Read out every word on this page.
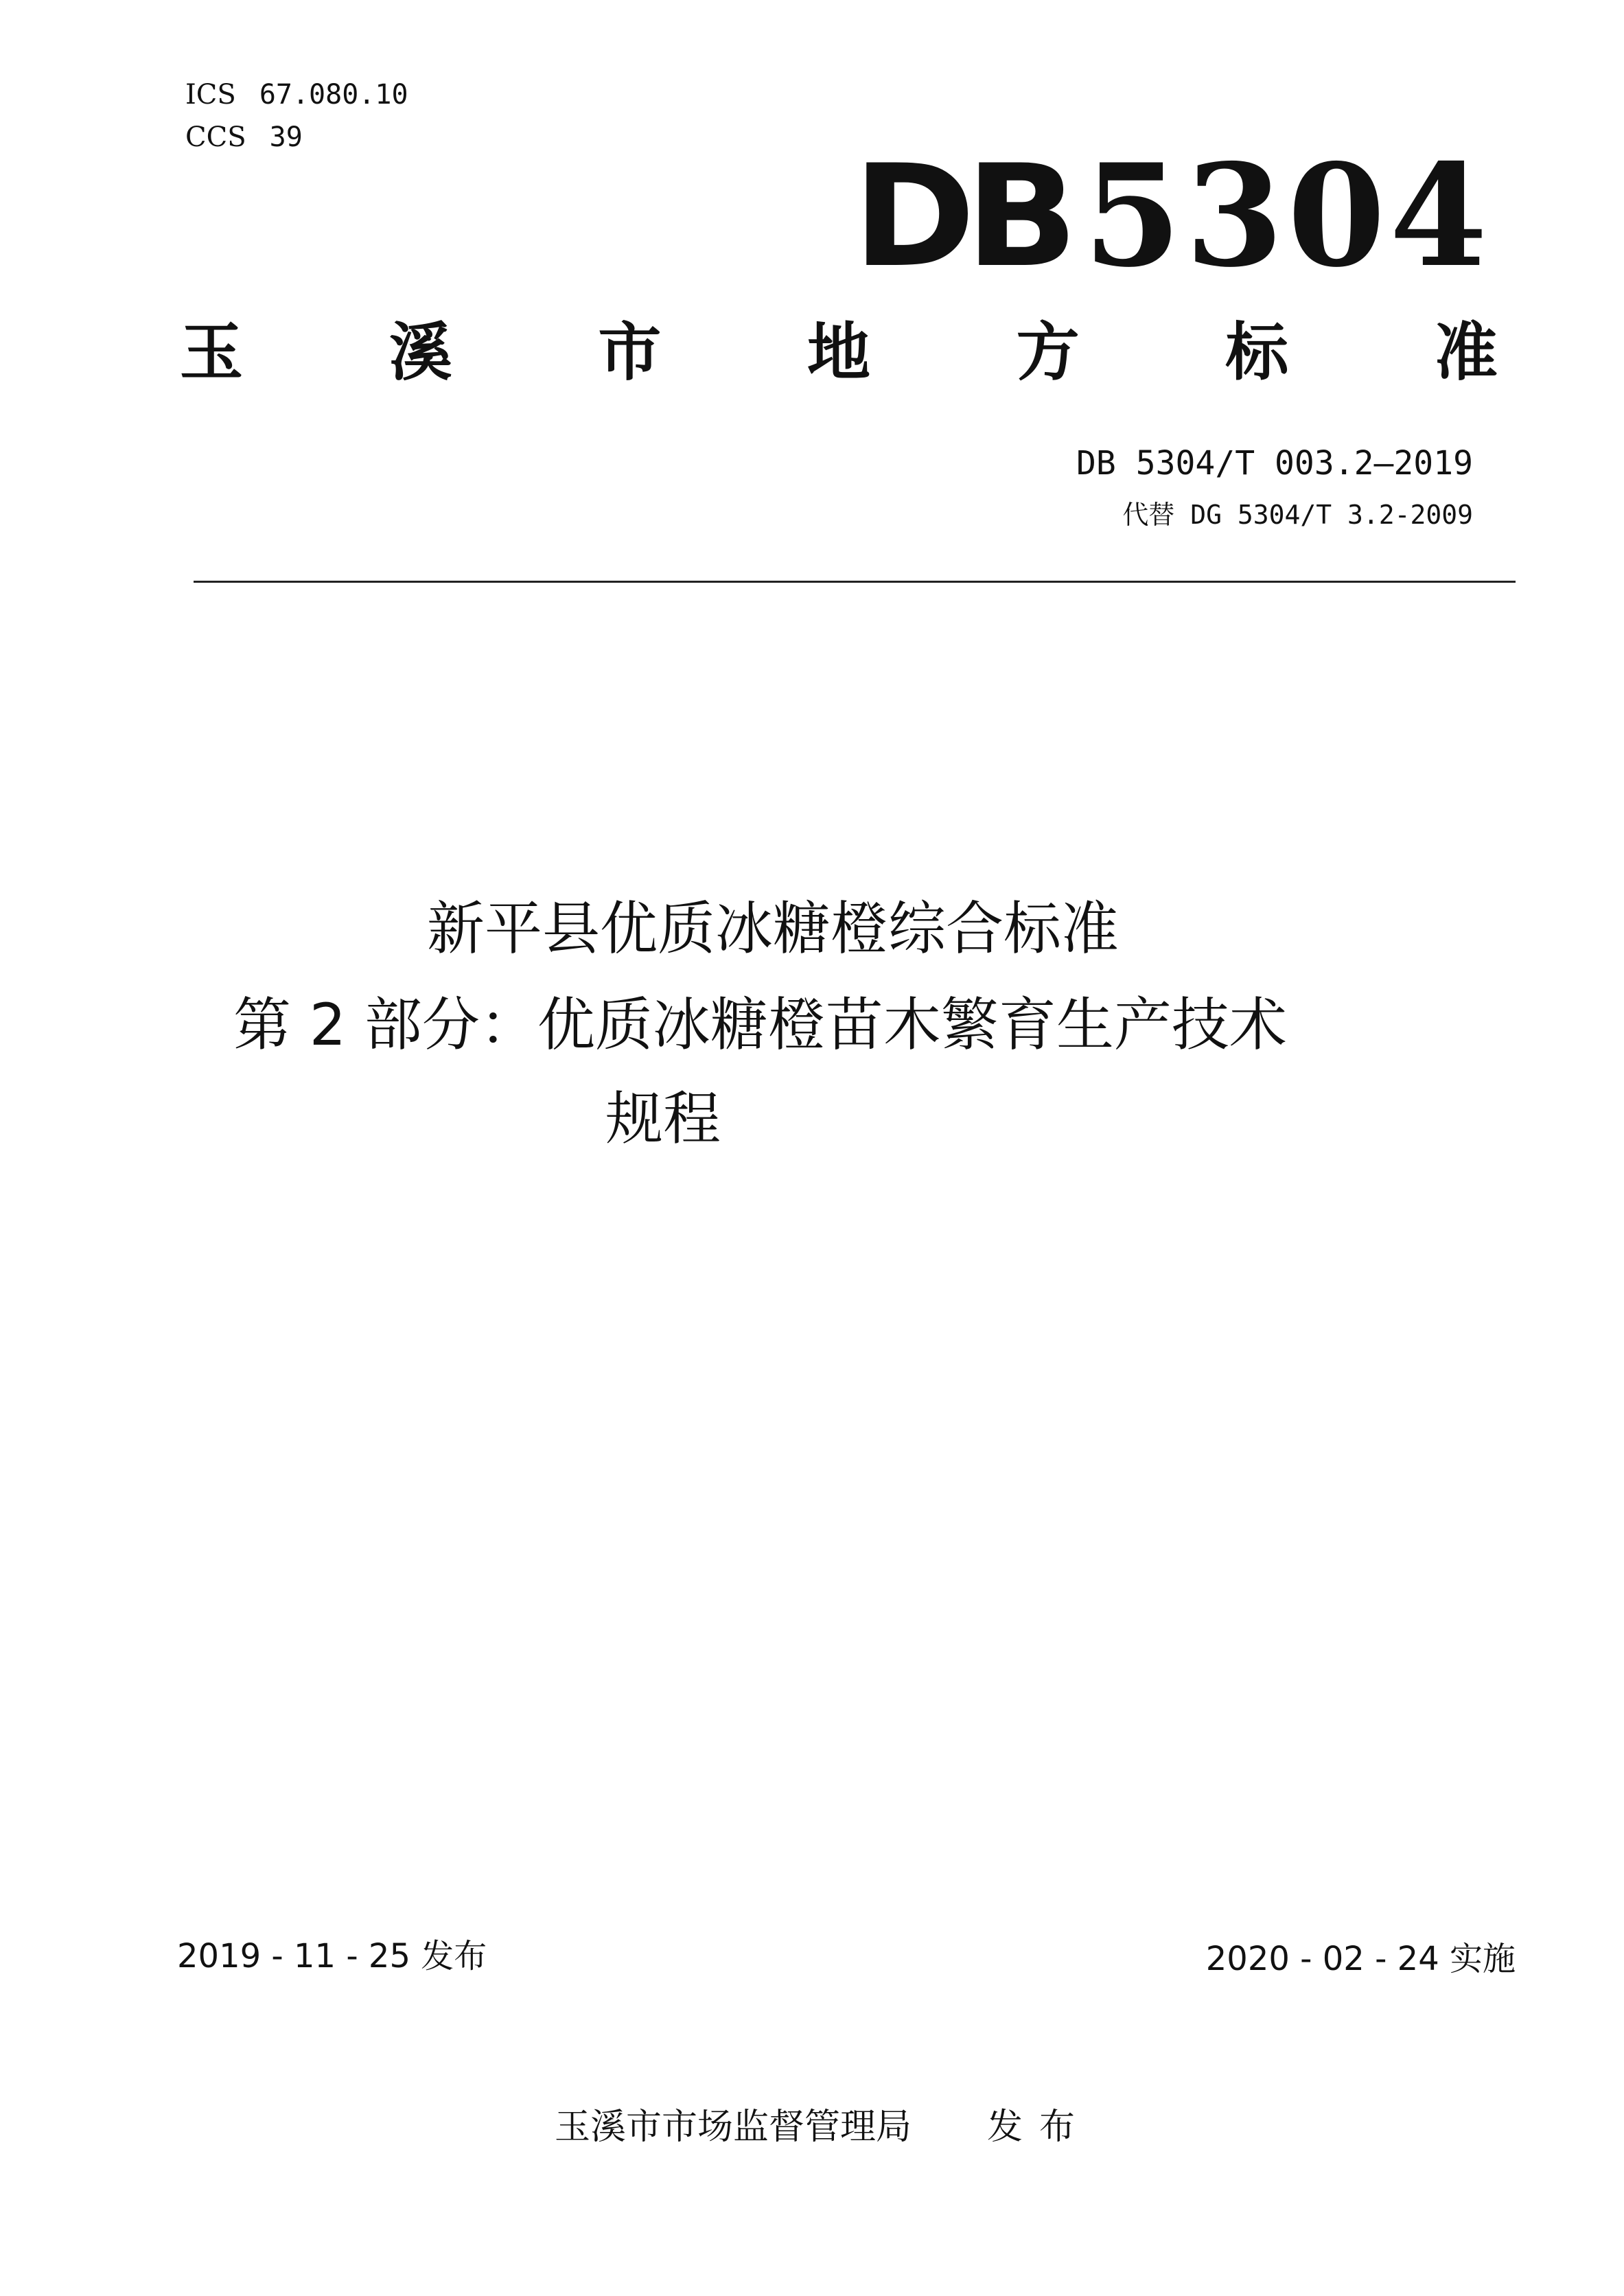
ICS 67.080.10
CCS 39	DB 5304
玉 溪 市 地 方 标 准
DB 5304/T 003.2—2019
代替 DG 5304/T 3.2-2009
新平县优质冰糖橙综合标准
第 2 部分：优质冰糖橙苗木繁育生产技术
规程
2019 - 11 - 25 发布	2020 - 02 - 24 实施
玉溪市市场监督管理局 发布
